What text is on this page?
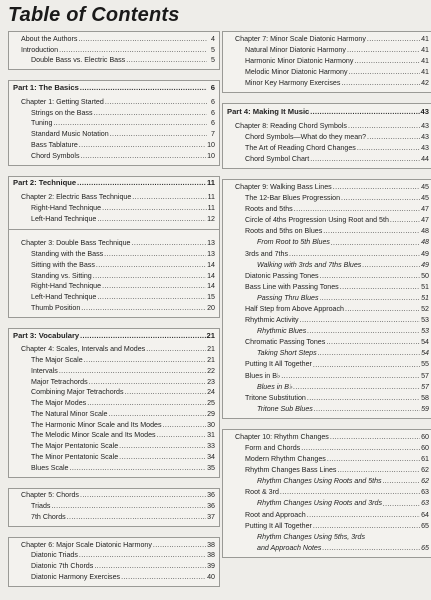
Table of Contents
About the Authors .....	4
Introduction .....	5
Double Bass vs. Electric Bass .....	5
Part 1: The Basics .....	6
Chapter 1: Getting Started .....	6
Strings on the Bass .....	6
Tuning .....	6
Standard Music Notation .....	7
Bass Tablature .....	10
Chord Symbols .....	10
Part 2: Technique .....	11
Chapter 2: Electric Bass Technique .....	11
Right-Hand Technique .....	11
Left-Hand Technique .....	12
Chapter 3: Double Bass Technique .....	13
Standing with the Bass .....	13
Sitting with the Bass .....	14
Standing vs. Sitting .....	14
Right-Hand Technique .....	14
Left-Hand Technique .....	15
Thumb Position .....	20
Part 3: Vocabulary .....	21
Chapter 4: Scales, Intervals and Modes .....	21
The Major Scale .....	21
Intervals .....	22
Major Tetrachords .....	23
Combining Major Tetrachords .....	24
The Major Modes .....	25
The Natural Minor Scale .....	29
The Harmonic Minor Scale and Its Modes .....	30
The Melodic Minor Scale and Its Modes .....	31
The Major Pentatonic Scale .....	33
The Minor Pentatonic Scale .....	34
Blues Scale .....	35
Chapter 5: Chords .....	36
Triads .....	36
7th Chords .....	37
Chapter 6: Major Scale Diatonic Harmony .....	38
Diatonic Triads .....	38
Diatonic 7th Chords .....	39
Diatonic Harmony Exercises .....	40
Chapter 7: Minor Scale Diatonic Harmony .....	41
Natural Minor Diatonic Harmony .....	41
Harmonic Minor Diatonic Harmony .....	41
Melodic Minor Diatonic Harmony .....	41
Minor Key Harmony Exercises .....	42
Part 4: Making It Music .....	43
Chapter 8: Reading Chord Symbols .....	43
Chord Symbols—What do they mean? .....	43
The Art of Reading Chord Changes .....	43
Chord Symbol Chart .....	44
Chapter 9: Walking Bass Lines .....	45
The 12-Bar Blues Progression .....	45
Roots and 5ths .....	47
Circle of 4ths Progression Using Root and 5th .....	47
Roots and 5ths on Blues .....	48
From Root to 5th Blues .....	48
3rds and 7ths .....	49
Walking with 3rds and 7ths Blues .....	49
Diatonic Passing Tones .....	50
Bass Line with Passing Tones .....	51
Passing Thru Blues .....	51
Half Step from Above Approach .....	52
Rhythmic Activity .....	53
Rhythmic Blues .....	53
Chromatic Passing Tones .....	54
Taking Short Steps .....	54
Putting It All Together .....	55
Blues in B♭ .....	57
Blues in B♭ .....	57
Tritone Substitution .....	58
Tritone Sub Blues .....	59
Chapter 10: Rhythm Changes .....	60
Form and Chords .....	60
Modern Rhythm Changes .....	61
Rhythm Changes Bass Lines .....	62
Rhythm Changes Using Roots and 5ths .....	62
Root & 3rd .....	63
Rhythm Changes Using Roots and 3rds .....	63
Root and Approach .....	64
Putting It All Together .....	65
Rhythm Changes Using 5ths, 3rds
and Approach Notes .....	65
